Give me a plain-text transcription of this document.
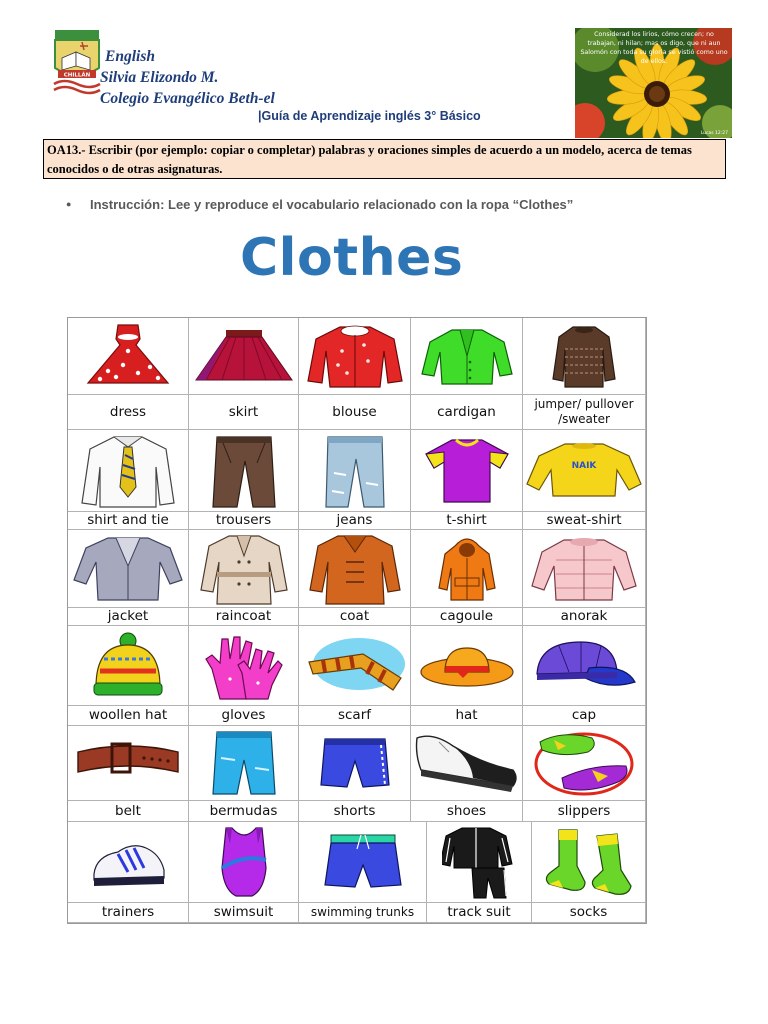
CHILLÁN
English
Silvia Elizondo M.
Colegio Evangélico Beth-el
|Guía de Aprendizaje inglés 3° Básico
Considerad los lirios, cómo crecen; no trabajan, ni hilan; mas os digo, que ni aun Salomón con toda su gloria se vistió como uno de ellos.
Lucas 12:27
OA13.- Escribir (por ejemplo: copiar o completar) palabras y oraciones simples de acuerdo a un modelo, acerca de temas conocidos o de otras asignaturas.
● Instrucción: Lee y reproduce el vocabulario relacionado con la ropa “Clothes”
Clothes
dress	skirt	blouse	cardigan	jumper/ pullover /sweater
NAIK
shirt and tie	trousers	jeans	t-shirt	sweat-shirt
jacket	raincoat	coat	cagoule	anorak
woollen hat	gloves	scarf	hat	cap
belt	bermudas	shorts	shoes	slippers
trainers	swimsuit	swimming trunks	track suit	socks
